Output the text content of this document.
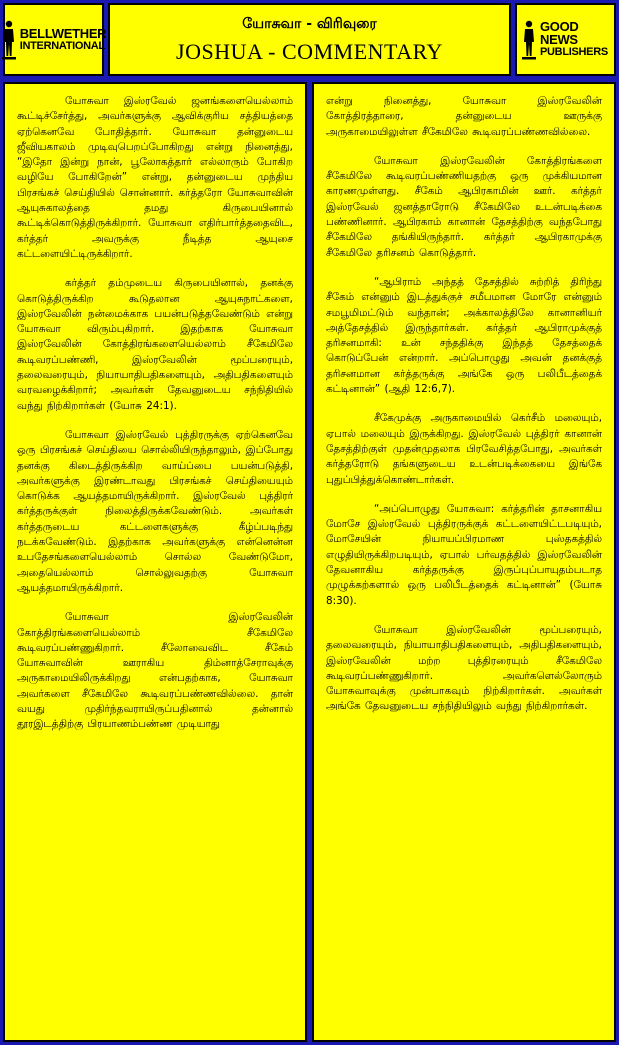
BELLWETHER
INTERNATIONAL
யோசுவா - விரிவுரை
JOSHUA - COMMENTARY
GOOD NEWS
PUBLISHERS

யோசுவா இஸ்ரவேல் ஜனங்களையெல்லாம் கூட்டிச்சேர்த்து, அவர்களுக்கு ஆவிக்குரிய சத்தியத்தை ஏற்கெனவே போதித்தார். யோசுவா தன்னுடைய ஜீவியகாலம் முடிவுபெறப்போகிறது என்று நினைத்து, “இதோ இன்று நான், பூலோகத்தார் எல்லாரும் போகிற வழியே போகிறேன்” என்று, தன்னுடைய முந்திய பிரசங்கச் செய்தியில் சொன்னார். கர்த்தரோ யோசுவாவின் ஆயுசுகாலத்தை தமது கிருபையினால் கூட்டிக்கொடுத்திருக்கிறார். யோசுவா எதிர்பார்த்ததைவிட, கர்த்தர் அவருக்கு நீடித்த ஆயுசை கட்டளையிட்டிருக்கிறார்.

கர்த்தர் தம்முடைய கிருபையினால், தனக்கு கொடுத்திருக்கிற கூடுதலான ஆயுசுநாட்களை, இஸ்ரவேலின் நன்மைக்காக பயன்படுத்தவேண்டும் என்று யோசுவா விரும்புகிறார். இதற்காக யோசுவா இஸ்ரவேலின் கோத்திரங்களையெல்லாம் சீகேமிலே கூடிவரப்பண்ணி, இஸ்ரவேலின் மூப்பரையும், தலைவரையும், நியாயாதிபதிகளையும், அதிபதிகளையும் வரவழைக்கிறார்; அவர்கள் தேவனுடைய சந்நிதியில் வந்து நிற்கிறார்கள் (யோசு 24:1).

யோசுவா இஸ்ரவேல் புத்திரருக்கு ஏற்கெனவே ஒரு பிரசங்கச் செய்தியை சொல்லியிருந்தாலும், இப்போது தனக்கு கிடைத்திருக்கிற வாய்ப்பை பயன்படுத்தி, அவர்களுக்கு இரண்டாவது பிரசங்கச் செய்தியையும் கொடுக்க ஆயத்தமாயிருக்கிறார். இஸ்ரவேல் புத்திரர் கர்த்தருக்குள் நிலைத்திருக்கவேண்டும். அவர்கள் கர்த்தருடைய கட்டளைகளுக்கு கீழ்ப்படிந்து நடக்கவேண்டும். இதற்காக அவர்களுக்கு என்னென்ன உபதேசங்களையெல்லாம் சொல்ல வேண்டுமோ, அதையெல்லாம் சொல்லுவதற்கு யோசுவா ஆயத்தமாயிருக்கிறார்.

யோசுவா இஸ்ரவேலின் கோத்திரங்களையெல்லாம் சீகேமிலே கூடிவரப்பண்ணுகிறார். சீலோவைவிட சீகேம் யோசுவாவின் ஊராகிய திம்னாத்சேராவுக்கு அருகாமையிலிருக்கிறது என்பதற்காக, யோசுவா அவர்களை சீகேமிலே கூடிவரப்பண்ணவில்லை. தான் வயது முதிர்ந்தவராயிருப்பதினால் தன்னால் தூரஇடத்திற்கு பிரயாணம்பண்ண முடியாது

என்று நினைத்து, யோசுவா இஸ்ரவேலின் கோத்திரத்தாரை, தன்னுடைய ஊருக்கு அருகாமையிலுள்ள சீகேமிலே கூடிவரப்பண்ணவில்லை.

யோசுவா இஸ்ரவேலின் கோத்திரங்களை சீகேமிலே கூடிவரப்பண்ணியதற்கு ஒரு முக்கியமான காரணமுள்ளது. சீகேம் ஆபிரகாமின் ஊர். கர்த்தர் இஸ்ரவேல் ஜனத்தாரோடு சீகேமிலே உடன்படிக்கை பண்ணினார். ஆபிரகாம் கானான் தேசத்திற்கு வந்தபோது சீகேமிலே தங்கியிருந்தார். கர்த்தர் ஆபிரகாமுக்கு சீகேமிலே தரிசனம் கொடுத்தார்.

“ஆபிராம் அந்தத் தேசத்தில் சுற்றித் திரிந்து சீகேம் என்னும் இடத்துக்குச் சமீபமான மோரே என்னும் சமபூமிமட்டும் வந்தான்; அக்காலத்திலே கானானியர் அத்தேசத்தில் இருந்தார்கள். கர்த்தர் ஆபிராமுக்குத் தரிசனமாகி: உன் சந்ததிக்கு இந்தத் தேசத்தைக் கொடுப்பேன் என்றார். அப்பொழுது அவன் தனக்குத் தரிசனமான கர்த்தருக்கு அங்கே ஒரு பலிபீடத்தைக் கட்டினான்” (ஆதி 12:6,7).

சீகேமுக்கு அருகாமையில் கெர்சீம் மலையும், ஏபால் மலையும் இருக்கிறது. இஸ்ரவேல் புத்திரர் கானான் தேசத்திற்குள் முதன்முதலாக பிரவேசித்தபோது, அவர்கள் கர்த்தரோடு தங்களுடைய உடன்படிக்கையை இங்கே புதுப்பித்துக்கொண்டார்கள்.

“அப்பொழுது யோசுவா: கர்த்தரின் தாசனாகிய மோசே இஸ்ரவேல் புத்திரருக்குக் கட்டளையிட்டபடியும், மோசேயின் நியாயப்பிரமாண புஸ்தகத்தில் எழுதியிருக்கிறபடியும், ஏபால் பர்வதத்தில் இஸ்ரவேலின் தேவனாகிய கர்த்தருக்கு இருப்புப்பாயுதம்படாத முழுக்கற்களால் ஒரு பலிபீடத்தைக் கட்டினான்” (யோசு 8:30).

யோசுவா இஸ்ரவேலின் மூப்பரையும், தலைவரையும், நியாயாதிபதிகளையும், அதிபதிகளையும், இஸ்ரவேலின் மற்ற புத்திரரையும் சீகேமிலே கூடிவரப்பண்ணுகிறார். அவர்களெல்லோரும் யோசுவாவுக்கு முன்பாகவும் நிற்கிறார்கள். அவர்கள் அங்கே தேவனுடைய சந்நிதியிலும் வந்து நிற்கிறார்கள்.
